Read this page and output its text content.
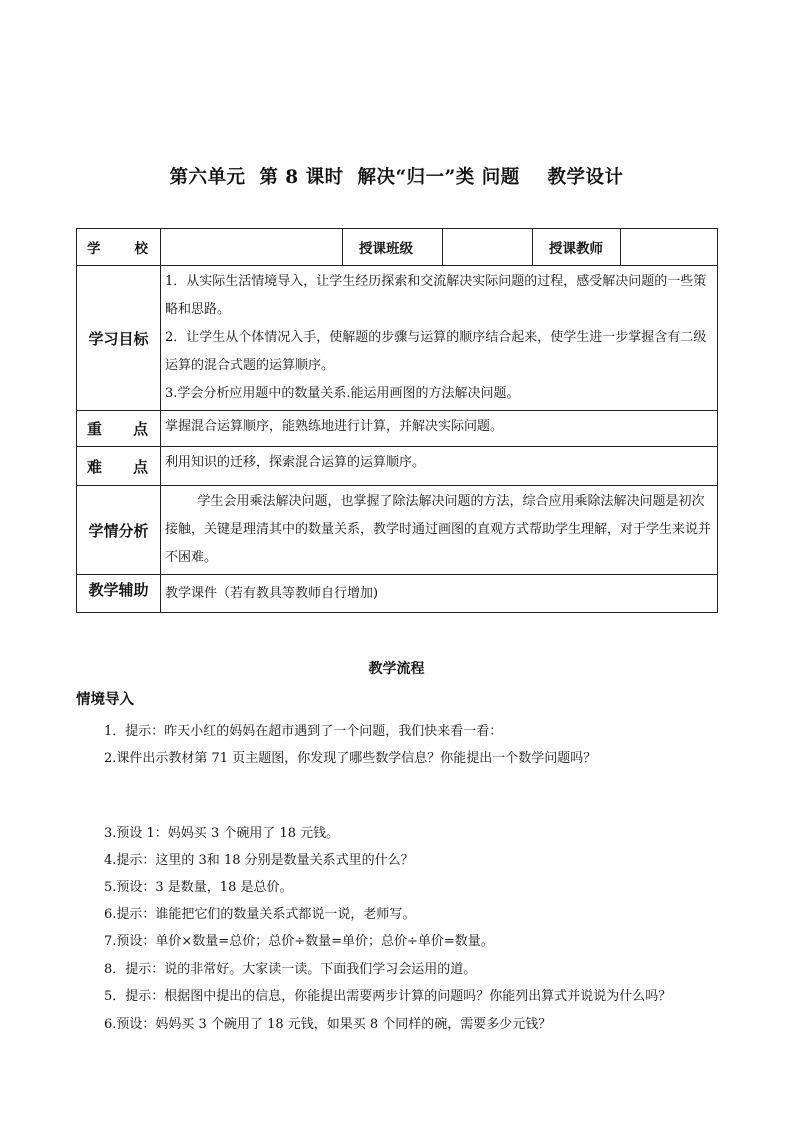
第六单元  第 8 课时  解决“归一”类 问题    教学设计
学 校		授课班级		授课教师	
学习目标	1．从实际生活情境导入，让学生经历探索和交流解决实际问题的过程，感受解决问题的一些策略和思路。

2．让学生从个体情况入手，使解题的步骤与运算的顺序结合起来，使学生进一步掌握含有二级运算的混合式题的运算顺序。

3.学会分析应用题中的数量关系.能运用画图的方法解决问题。				

重 点	掌握混合运算顺序，能熟练地进行计算，并解决实际问题。				

难 点	利用知识的迁移，探索混合运算的运算顺序。				
学情分析	学生会用乘法解决问题，也掌握了除法解决问题的方法，综合应用乘除法解决问题是初次接触，关键是理清其中的数量关系，教学时通过画图的直观方式帮助学生理解，对于学生来说并不困难。				
教学辅助	教学课件（若有教具等教师自行增加)				
教学流程
情境导入
1．提示：昨天小红的妈妈在超市遇到了一个问题，我们快来看一看：
2.课件出示教材第 71 页主题图，你发现了哪些数学信息？你能提出一个数学问题吗？
3.预设 1：妈妈买 3 个碗用了 18 元钱。
4.提示：这里的 3和 18 分别是数量关系式里的什么？
5.预设：3 是数量，18 是总价。
6.提示：谁能把它们的数量关系式都说一说，老师写。
7.预设：单价×数量=总价；总价÷数量=单价；总价÷单价=数量。
8．提示：说的非常好。大家读一读。下面我们学习会运用的道。
5．提示：根据图中提出的信息，你能提出需要两步计算的问题吗？你能列出算式并说说为什么吗？
6.预设：妈妈买 3 个碗用了 18 元钱，如果买 8 个同样的碗，需要多少元钱？
